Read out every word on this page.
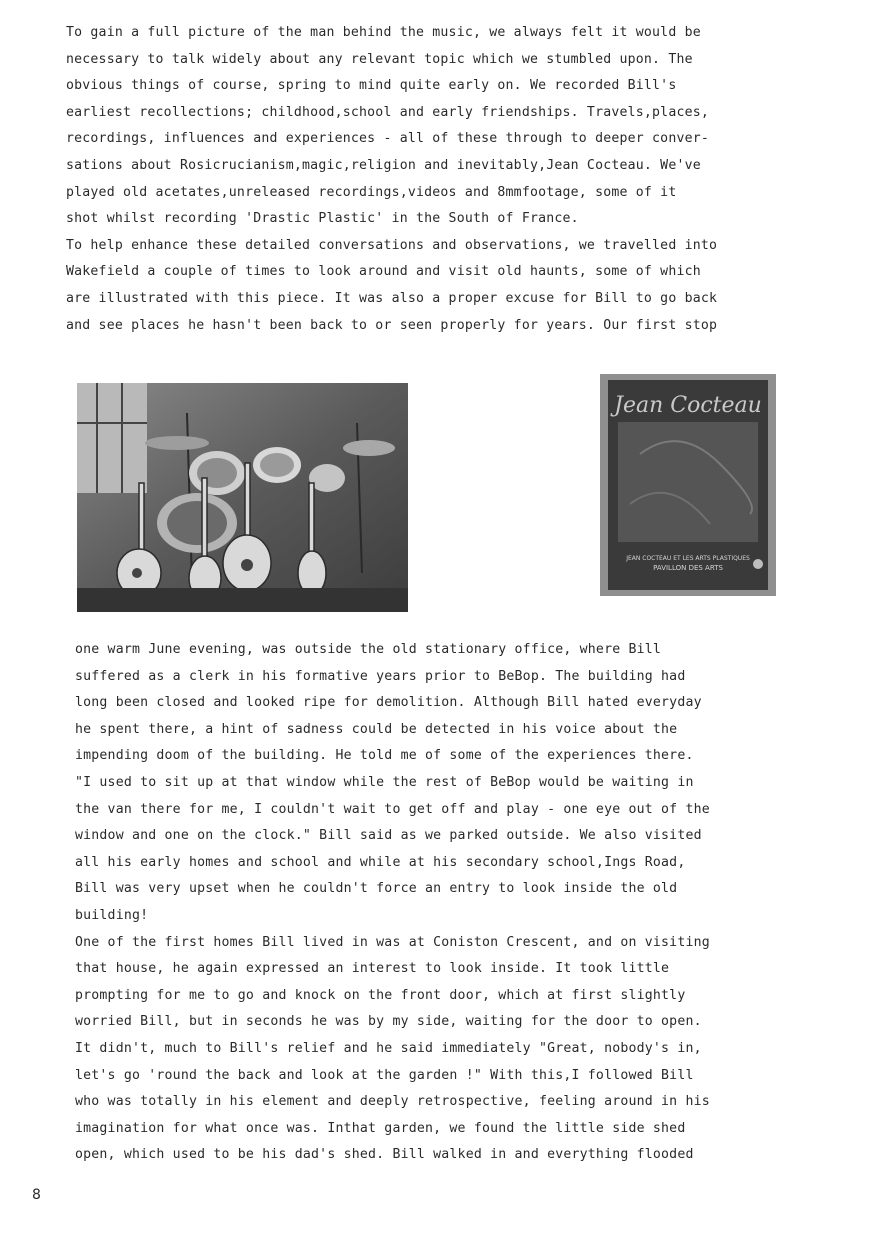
To gain a full picture of the man behind the music, we always felt it would be
necessary to talk widely about any relevant topic which we stumbled upon. The
obvious things of course, spring to mind quite early on. We recorded Bill's
earliest recollections; childhood,school and early friendships. Travels,places,
recordings, influences and experiences - all of these through to deeper conver-
sations about Rosicrucianism,magic,religion and inevitably,Jean Cocteau. We've
played old acetates,unreleased recordings,videos and 8mmfootage, some of it
shot whilst recording 'Drastic Plastic' in the South of France.
To help enhance these detailed conversations and observations, we travelled into
Wakefield a couple of times to look around and visit old haunts, some of which
are illustrated with this piece. It was also a proper excuse for Bill to go back
and see places he hasn't been back to or seen properly for years. Our first stop
Jean Cocteau
JEAN COCTEAU ET LES ARTS PLASTIQUES
PAVILLON DES ARTS
one warm June evening, was outside the old stationary office, where Bill
suffered as a clerk in his formative years prior to BeBop. The building had
long been closed and looked ripe for demolition. Although Bill hated everyday
he spent there, a hint of sadness could be detected in his voice about the
impending doom of the building. He told me of some of the experiences there.
"I used to sit up at that window while the rest of BeBop would be waiting in
the van there for me, I couldn't wait to get off and play - one eye out of the
window and one on the clock." Bill said as we parked outside. We also visited
all his early homes and school and while at his secondary school,Ings Road,
Bill was very upset when he couldn't force an entry to look inside the old
building!
One of the first homes Bill lived in was at Coniston Crescent, and on visiting
that house, he again expressed an interest to look inside. It took little
prompting for me to go and knock on the front door, which at first slightly
worried Bill, but in seconds he was by my side, waiting for the door to open.
It didn't, much to Bill's relief and he said immediately "Great, nobody's in,
let's go 'round the back and look at the garden !" With this,I followed Bill
who was totally in his element and deeply retrospective, feeling around in his
imagination for what once was. Inthat garden, we found the little side shed
open, which used to be his dad's shed. Bill walked in and everything flooded
8
